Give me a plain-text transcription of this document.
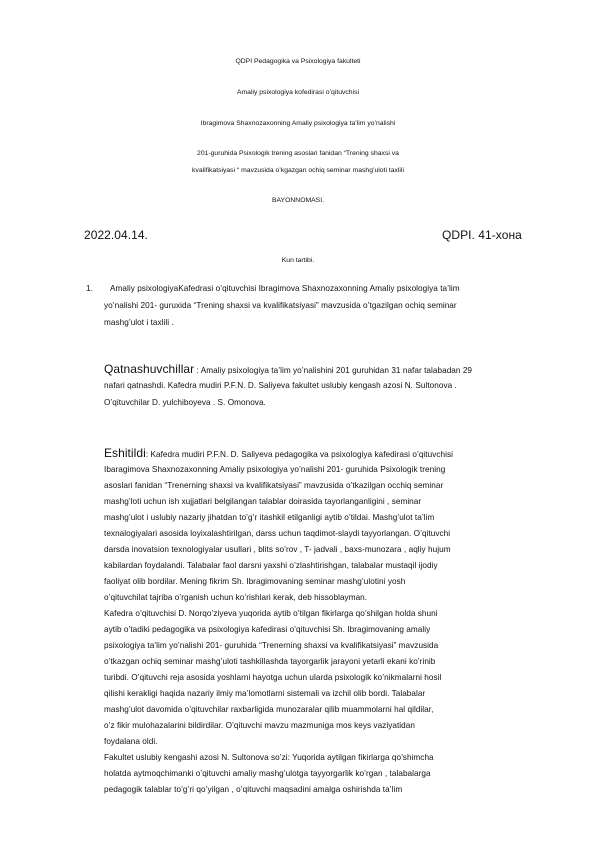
QDPI Pedagogika va Psixologiya fakulteti
Amaliy psixologiya kofedirasi o’qituvchisi
Ibragimova Shaxnozaxonning Amaliy psixologiya ta’lim yo’nalishi
201-guruhida Psixologik trening asoslari fanidan “Trening shaxsi va
kvalifikatsiyasi “ mavzusida o’kgazgan ochiq seminar mashg’uloti taxlili
BAYONNOMASI.
2022.04.14.	QDPI. 41-хона
Kun tartibi.
1. Amaliy psixologiyaKafedrasi o’qituvchisi Ibragimova Shaxnozaxonning Amaliy psixologiya ta’lim
yo’nalishi 201- guruxida “Trening shaxsi va kvalifikatsiyasi” mavzusida o’tgazilgan ochiq seminar
mashg’ulot i taxlili .
Qatnashuvchillar : Amaliy psixologiya ta’lim yo’nalishini 201 guruhidan 31 nafar talabadan 29
nafari qatnashdi. Kafedra mudiri P.F.N. D. Saliyeva fakultet uslubiy kengash azosi N. Sultonova .
O’qituvchilar D. yulchiboyeva . S. Omonova.
Eshitildi: Kafedra mudiri P.F.N. D. Saliyeva pedagogika va psixologiya kafedirasi o’qituvchisi
Ibaragimova Shaxnozaxonning Amaliy psixologiya yo’nalishi 201- guruhida Psixologik trening
asoslari fanidan “Trenerning shaxsi va kvalifikatsiyasi” mavzusida o’tkazilgan occhiq seminar
mashg’loti uchun ish xujjatlari belgilangan talablar doirasida tayorlanganligini , seminar
mashg’ulot i uslubiy nazariy jihatdan to’g’r itashkil etilganligi aytib o’tildai. Mashg’ulot ta’lim
texnalogiyalari asosida loyixalashtirilgan, darss uchun taqdimot-slaydi tayyorlangan. O’qituvchi
darsda inovatsion texnologiyalar usullari , blits so’rov , T- jadvali , baxs-munozara , aqliy hujum
kabilardan foydalandi. Talabalar faol darsni yaxshi o’zlashtirishgan, talabalar mustaqil ijodiy
faoliyat olib bordilar. Mening fikrim Sh. Ibragimovaning seminar mashg’ulotini yosh
o’qituvchilat tajriba o’rganish uchun ko’rishlari kerak, deb hissoblayman.
Kafedra o’qituvchisi D. Norqo’ziyeva yuqorida aytib o’tilgan fikirlarga qo’shilgan holda shuni
aytib o’tadiki pedagogika va psixologiya kafedirasi o’qituvchisi Sh. Ibragimovaning amaliy
psixologiya ta’lim yo’nalishi 201- guruhida “Trenerning shaxsi va kvalifikatsiyasi” mavzusida
o’tkazgan ochiq seminar mashg’uloti tashkillashda tayorgarlik jarayoni yetarli ekani ko’rinib
turibdi. O’qituvchi reja asosida yoshlarni hayotga uchun ularda psixologik ko’nikmalarni hosil
qilishi kerakligi haqida nazariy ilmiy ma’lomotlarni sistemali va izchil olib bordi. Talabalar
mashg’ulot davomida o’qituvchilar raxbarligida munozaralar qilib muammolarni hal qildilar,
o’z fikir mulohazalarini bildirdilar. O’qituvchi mavzu mazmuniga mos keys vaziyatidan
foydalana oldi.
Fakultet uslubiy kengashi azosi N. Sultonova so’zi: Yuqorida aytilgan fikirlarga qo’shimcha
holatda aytmoqchimanki o’qituvchi amaliy mashg’ulotga tayyorgarlik ko’rgan , talabalarga
pedagogik talablar to’g’ri qo’yilgan , o’qituvchi maqsadini amalga oshirishda ta’lim
